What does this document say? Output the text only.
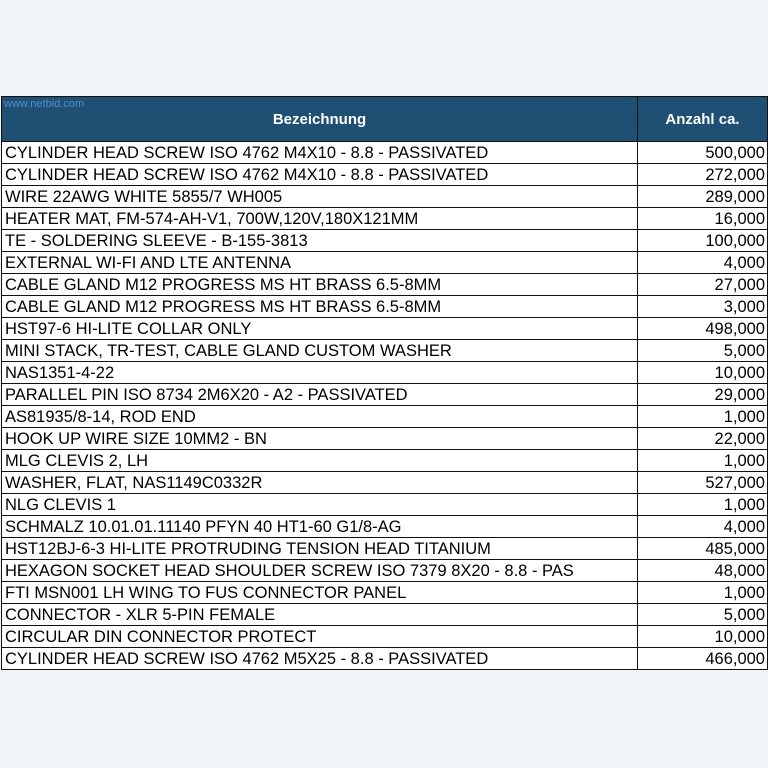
www.netbid.com
Bezeichnung	Anzahl ca.
CYLINDER HEAD SCREW ISO 4762 M4X10 - 8.8 - PASSIVATED	500,000
CYLINDER HEAD SCREW ISO 4762 M4X10 - 8.8 - PASSIVATED	272,000
WIRE 22AWG WHITE 5855/7 WH005	289,000
HEATER MAT, FM-574-AH-V1, 700W,120V,180X121MM	16,000
TE - SOLDERING SLEEVE - B-155-3813	100,000
EXTERNAL WI-FI AND LTE ANTENNA	4,000
CABLE GLAND M12 PROGRESS MS HT BRASS 6.5-8MM	27,000
CABLE GLAND M12 PROGRESS MS HT BRASS 6.5-8MM	3,000
HST97-6 HI-LITE COLLAR ONLY	498,000
MINI STACK, TR-TEST, CABLE GLAND CUSTOM WASHER	5,000
NAS1351-4-22	10,000
PARALLEL PIN ISO 8734 2M6X20 - A2 - PASSIVATED	29,000
AS81935/8-14, ROD END	1,000
HOOK UP WIRE SIZE 10MM2 - BN	22,000
MLG CLEVIS 2, LH	1,000
WASHER, FLAT, NAS1149C0332R	527,000
NLG CLEVIS 1	1,000
SCHMALZ 10.01.01.11140 PFYN 40 HT1-60 G1/8-AG	4,000
HST12BJ-6-3 HI-LITE PROTRUDING TENSION HEAD TITANIUM	485,000
HEXAGON SOCKET HEAD SHOULDER SCREW ISO 7379 8X20 - 8.8 - PAS	48,000
FTI MSN001 LH WING TO FUS CONNECTOR PANEL	1,000
CONNECTOR - XLR 5-PIN FEMALE	5,000
CIRCULAR DIN CONNECTOR PROTECT	10,000
CYLINDER HEAD SCREW ISO 4762 M5X25 - 8.8 - PASSIVATED	466,000
